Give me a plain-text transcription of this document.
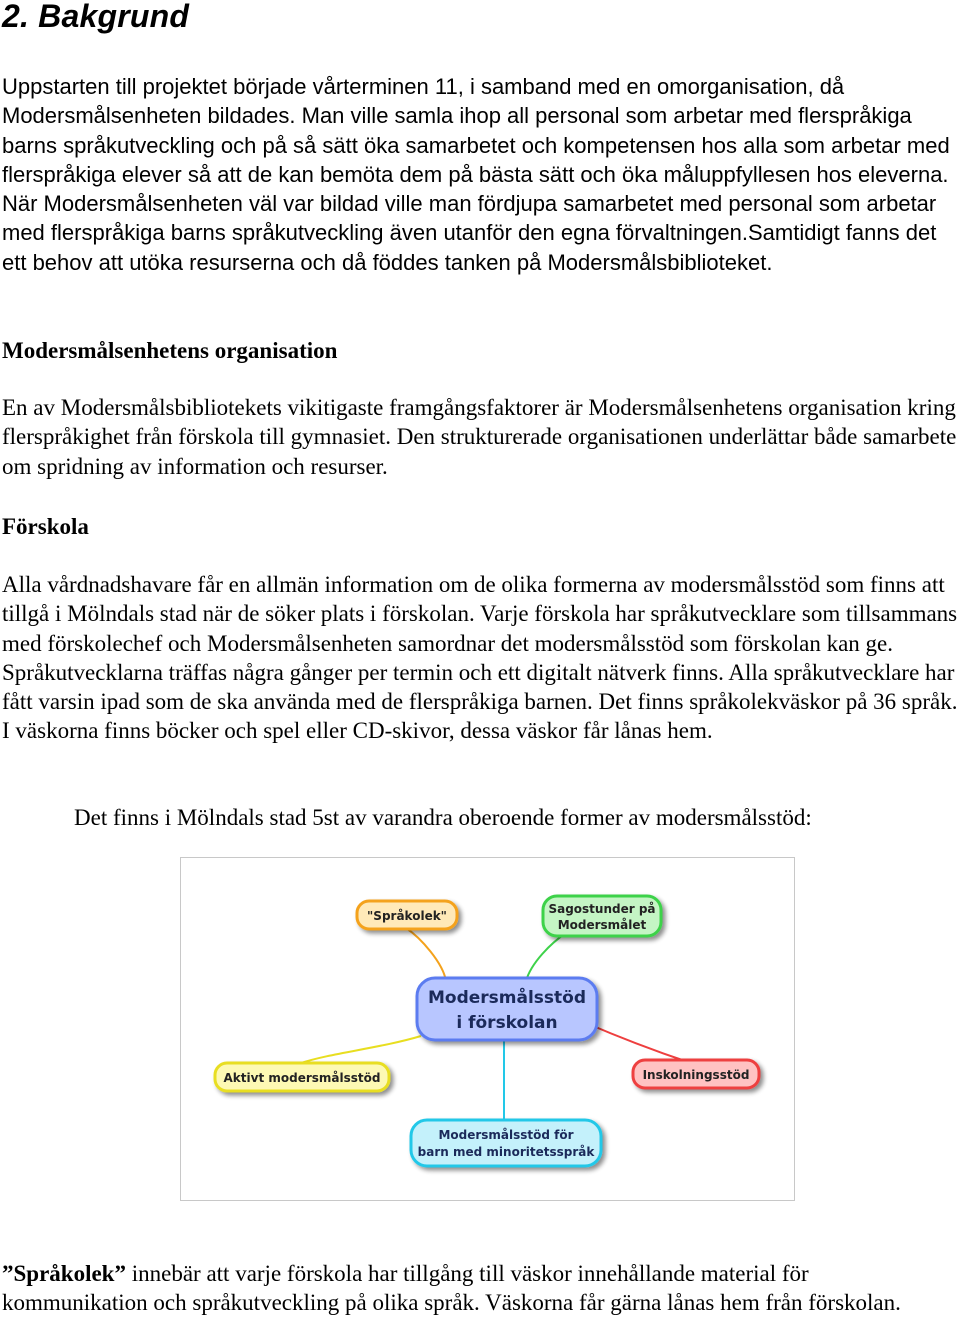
2. Bakgrund

Uppstarten till projektet började vårterminen 11, i samband med en omorganisation, då Modersmålsenheten bildades. Man ville samla ihop all personal som arbetar med flerspråkiga barns språkutveckling och på så sätt öka samarbetet och kompetensen hos alla som arbetar med flerspråkiga elever så att de kan bemöta dem på bästa sätt och öka måluppfyllesen hos eleverna. När Modersmålsenheten väl var bildad ville man fördjupa samarbetet med personal som arbetar med flerspråkiga barns språkutveckling även utanför den egna förvaltningen.Samtidigt fanns det ett behov att utöka resurserna och då föddes tanken på Modersmålsbiblioteket.

Modersmålsenhetens organisation

En av Modersmålsbibliotekets vikitigaste framgångsfaktorer är Modersmålsenhetens organisation kring flerspråkighet från förskola till gymnasiet. Den strukturerade organisationen underlättar både samarbete om spridning av information och resurser.

Förskola

Alla vårdnadshavare får en allmän information om de olika formerna av modersmålsstöd som finns att tillgå i Mölndals stad när de söker plats i förskolan. Varje förskola har språkutvecklare som tillsammans med förskolechef och Modersmålsenheten samordnar det modersmålsstöd som förskolan kan ge. Språkutvecklarna träffas några gånger per termin och ett digitalt nätverk finns. Alla språkutvecklare har fått varsin ipad som de ska använda med de flerspråkiga barnen. Det finns språkolekväskor på 36 språk. I väskorna finns böcker och spel eller CD-skivor, dessa väskor får lånas hem.

Det finns i Mölndals stad 5st av varandra oberoende former av modersmålsstöd:

Modersmålsstöd
i förskolan
"Språkolek"	Sagostunder på
Modersmålet
Aktivt modersmålsstöd	Inskolningsstöd
Modersmålsstöd för
barn med minoritetsspråk

”Språkolek” innebär att varje förskola har tillgång till väskor innehållande material för kommunikation och språkutveckling på olika språk. Väskorna får gärna lånas hem från förskolan.
